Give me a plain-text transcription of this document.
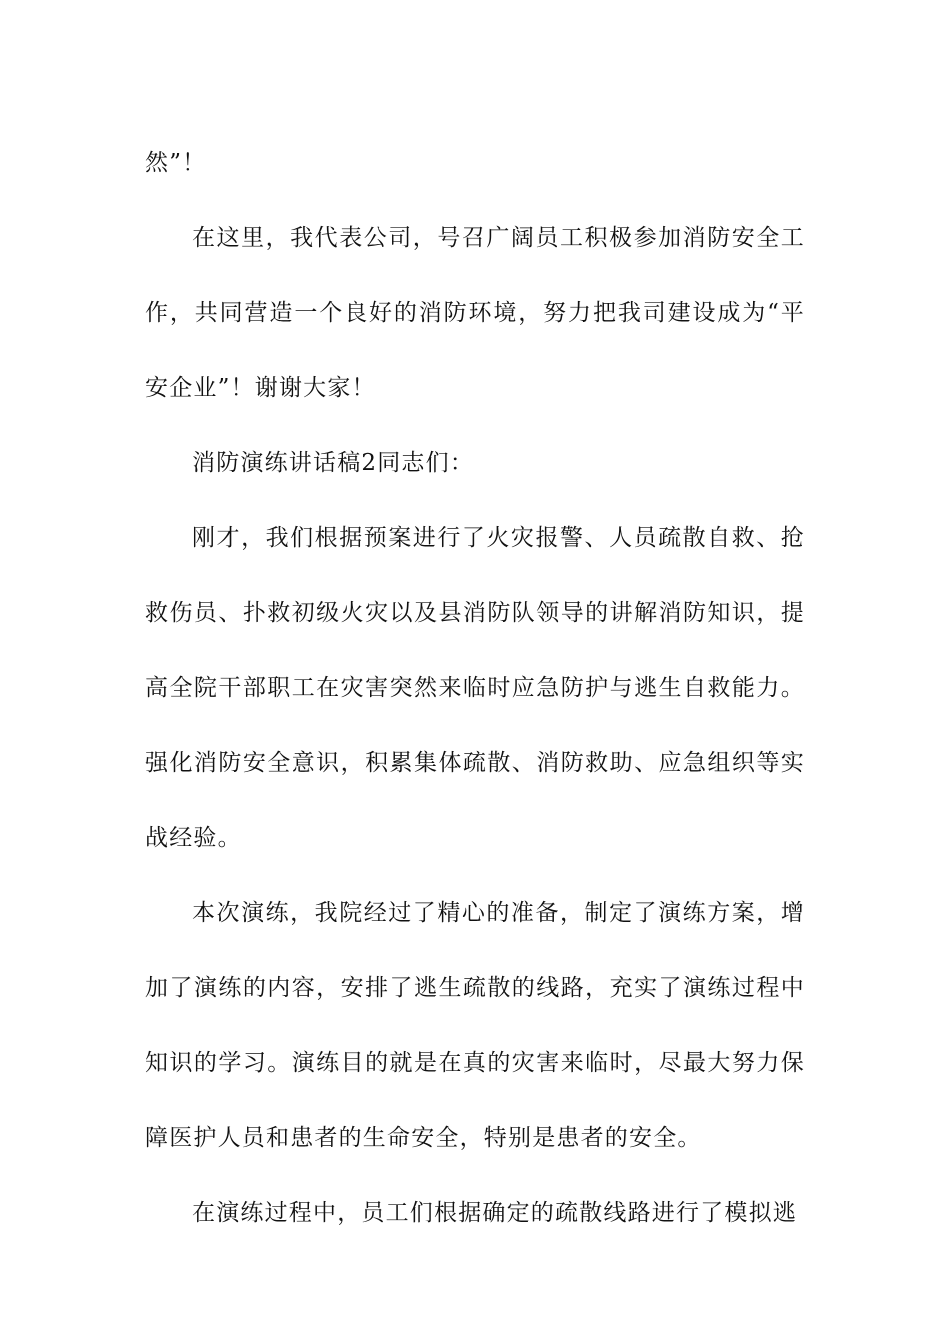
然”！

在这里，我代表公司，号召广阔员工积极参加消防安全工作，共同营造一个良好的消防环境，努力把我司建设成为“平安企业”！谢谢大家！

消防演练讲话稿2同志们：

刚才，我们根据预案进行了火灾报警、人员疏散自救、抢救伤员、扑救初级火灾以及县消防队领导的讲解消防知识，提高全院干部职工在灾害突然来临时应急防护与逃生自救能力。强化消防安全意识，积累集体疏散、消防救助、应急组织等实战经验。

本次演练，我院经过了精心的准备，制定了演练方案，增加了演练的内容，安排了逃生疏散的线路，充实了演练过程中知识的学习。演练目的就是在真的灾害来临时，尽最大努力保障医护人员和患者的生命安全，特别是患者的安全。

在演练过程中，员工们根据确定的疏散线路进行了模拟逃
